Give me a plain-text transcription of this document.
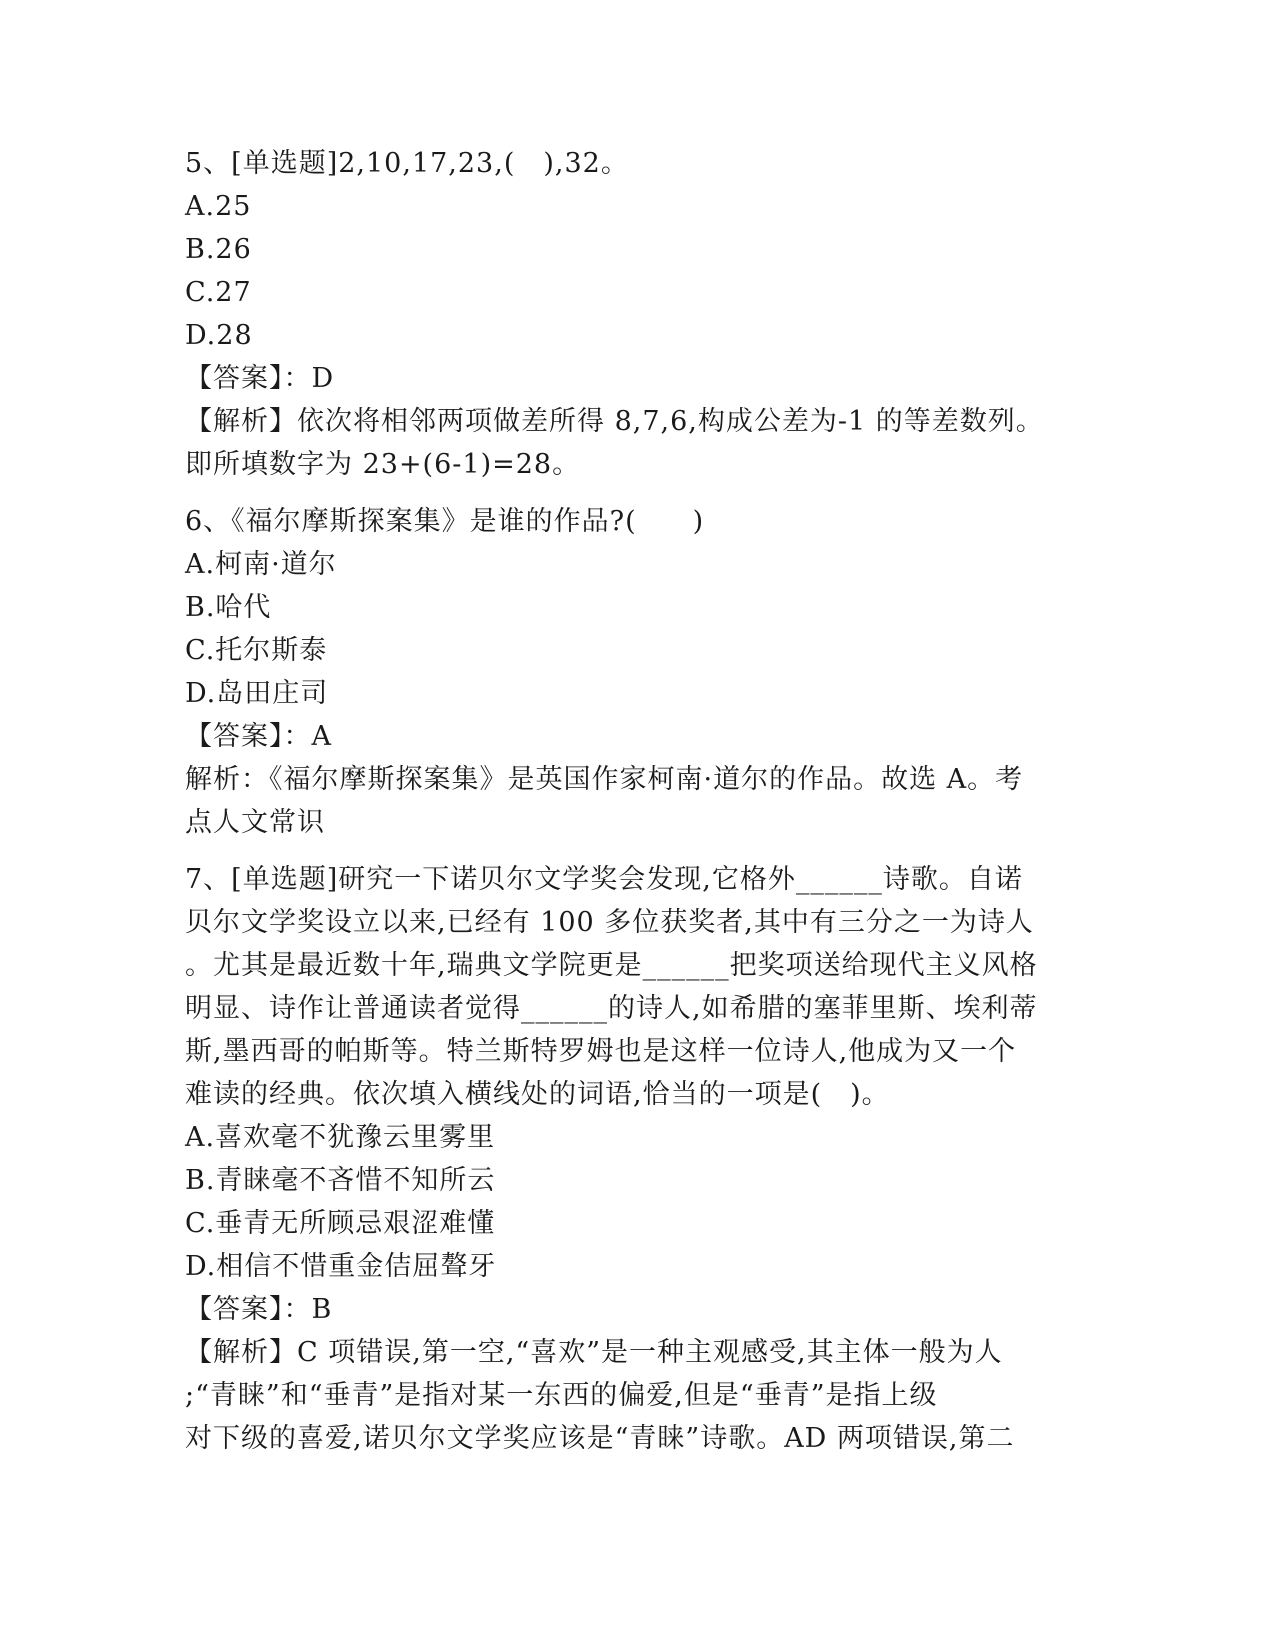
5、[单选题]2,10,17,23,(　),32。
A.25
B.26
C.27
D.28
【答案】：D
【解析】依次将相邻两项做差所得 8,7,6,构成公差为-1 的等差数列。
即所填数字为 23+(6-1)=28。
6、《福尔摩斯探案集》是谁的作品?(　　)
A.柯南·道尔
B.哈代
C.托尔斯泰
D.岛田庄司
【答案】：A
解析：《福尔摩斯探案集》是英国作家柯南·道尔的作品。故选 A。考
点人文常识
7、[单选题]研究一下诺贝尔文学奖会发现,它格外______诗歌。自诺
贝尔文学奖设立以来,已经有 100 多位获奖者,其中有三分之一为诗人
。尤其是最近数十年,瑞典文学院更是______把奖项送给现代主义风格
明显、诗作让普通读者觉得______的诗人,如希腊的塞菲里斯、埃利蒂
斯,墨西哥的帕斯等。特兰斯特罗姆也是这样一位诗人,他成为又一个
难读的经典。依次填入横线处的词语,恰当的一项是(　)。
A.喜欢毫不犹豫云里雾里
B.青睐毫不吝惜不知所云
C.垂青无所顾忌艰涩难懂
D.相信不惜重金佶屈聱牙
【答案】：B
【解析】C 项错误,第一空,“喜欢”是一种主观感受,其主体一般为人
;“青睐”和“垂青”是指对某一东西的偏爱,但是“垂青”是指上级
对下级的喜爱,诺贝尔文学奖应该是“青睐”诗歌。AD 两项错误,第二
